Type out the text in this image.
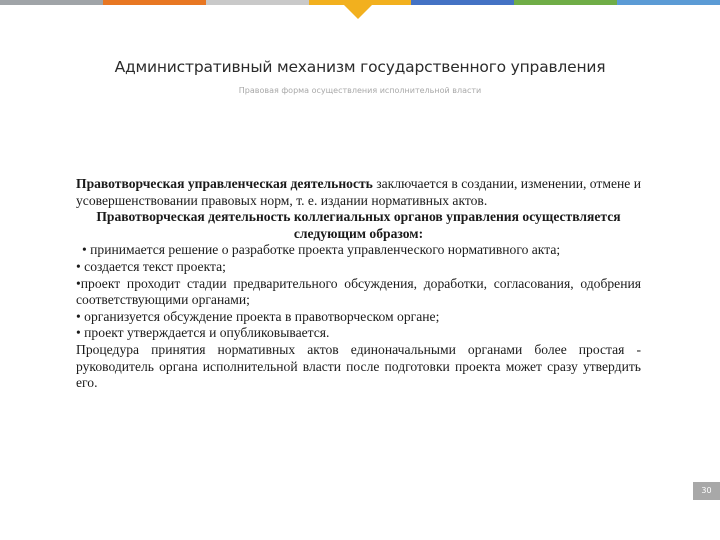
Административный механизм государственного управления
Правовая форма осуществления исполнительной власти

Правотворческая управленческая деятельность заключается в создании, изменении, отмене и усовершенствовании правовых норм, т. е. издании нормативных актов.

Правотворческая деятельность коллегиальных органов управления осуществляется следующим образом:

• принимается решение о разработке проекта управленческого нормативного акта;

• создается текст проекта;

•проект проходит стадии предварительного обсуждения, доработки, согласования, одобрения соответствующими органами;

• организуется обсуждение проекта в правотворческом органе;

• проект утверждается и опубликовывается.

Процедура принятия нормативных актов единоначальными органами более простая - руководитель органа исполнительной власти после подготовки проекта может сразу утвердить его.

30
